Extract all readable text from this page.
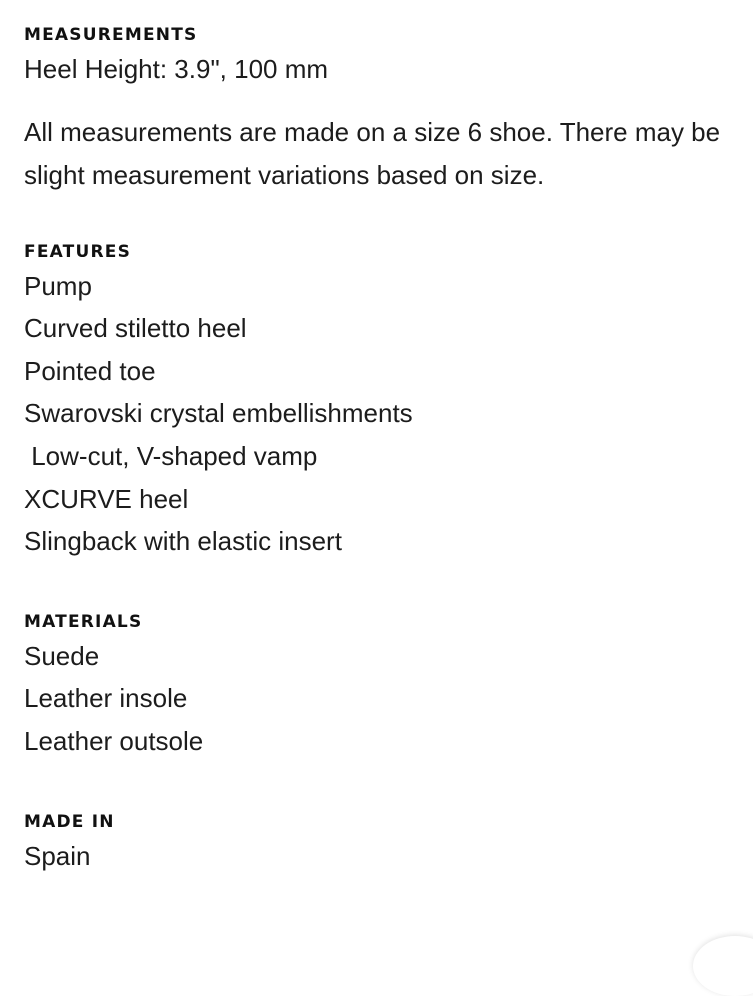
MEASUREMENTS

Heel Height: 3.9", 100 mm

All measurements are made on a size 6 shoe. There may be slight measurement variations based on size.

FEATURES

Pump

Curved stiletto heel

Pointed toe

Swarovski crystal embellishments

Low-cut, V-shaped vamp

XCURVE heel

Slingback with elastic insert

MATERIALS

Suede

Leather insole

Leather outsole

MADE IN

Spain
